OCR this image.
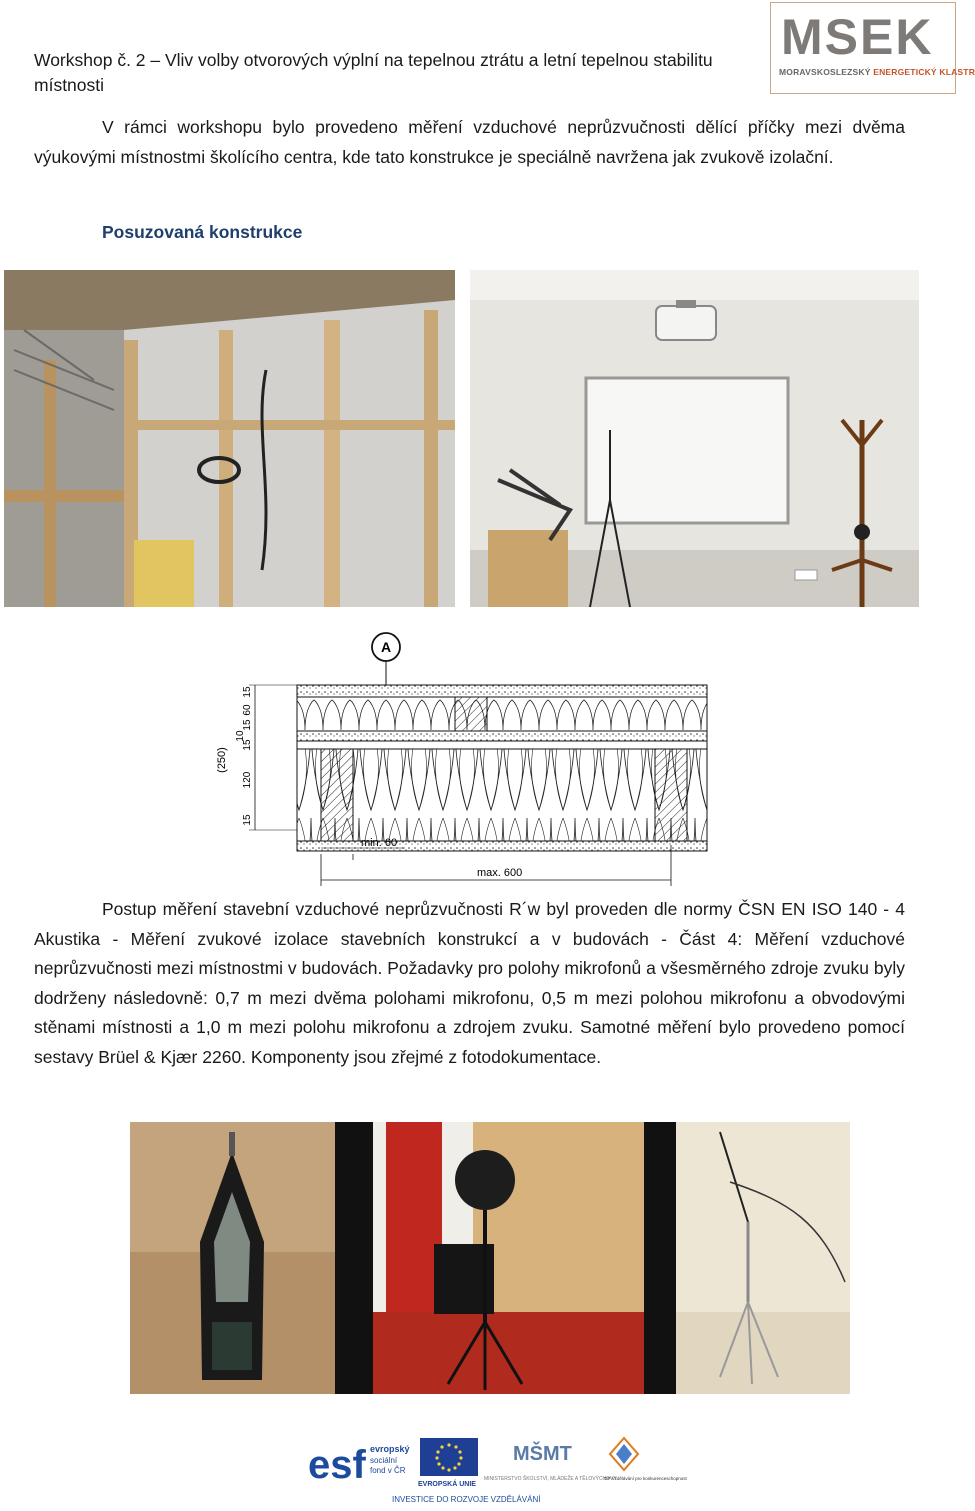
Workshop č. 2 – Vliv volby otvorových výplní na tepelnou ztrátu a letní tepelnou stabilitu místnosti
MSEK
MORAVSKOSLEZSKÝ ENERGETICKÝ KLASTR
V rámci workshopu bylo provedeno měření vzduchové neprůzvučnosti dělící příčky mezi dvěma výukovými místnostmi školícího centra, kde tato konstrukce je speciálně navržena jak zvukově izolační.
Posuzovaná konstrukce
A
(250)
15
120
15
10
15
60
15
min. 60
max. 600
Postup měření stavební vzduchové neprůzvučnosti R´w byl proveden dle normy ČSN EN ISO 140 - 4 Akustika - Měření zvukové izolace stavebních konstrukcí a v budovách - Část 4: Měření vzduchové neprůzvučnosti mezi místnostmi v budovách. Požadavky pro polohy mikrofonů a všesměrného zdroje zvuku byly dodrženy následovně: 0,7 m mezi dvěma polohami mikrofonu, 0,5 m mezi polohou mikrofonu a obvodovými stěnami místnosti a 1,0 m mezi polohu mikrofonu a zdrojem zvuku. Samotné měření bylo provedeno pomocí sestavy Brüel & Kjær 2260. Komponenty jsou zřejmé z fotodokumentace.
esf evropský
sociální
fond v ČR
EVROPSKÁ UNIE
MŠMT
MINISTERSTVO ŠKOLSTVÍ, MLÁDEŽE A TĚLOVÝCHOVY
OP Vzdělávání pro konkurenceschopnost
INVESTICE DO ROZVOJE VZDĚLÁVÁNÍ
